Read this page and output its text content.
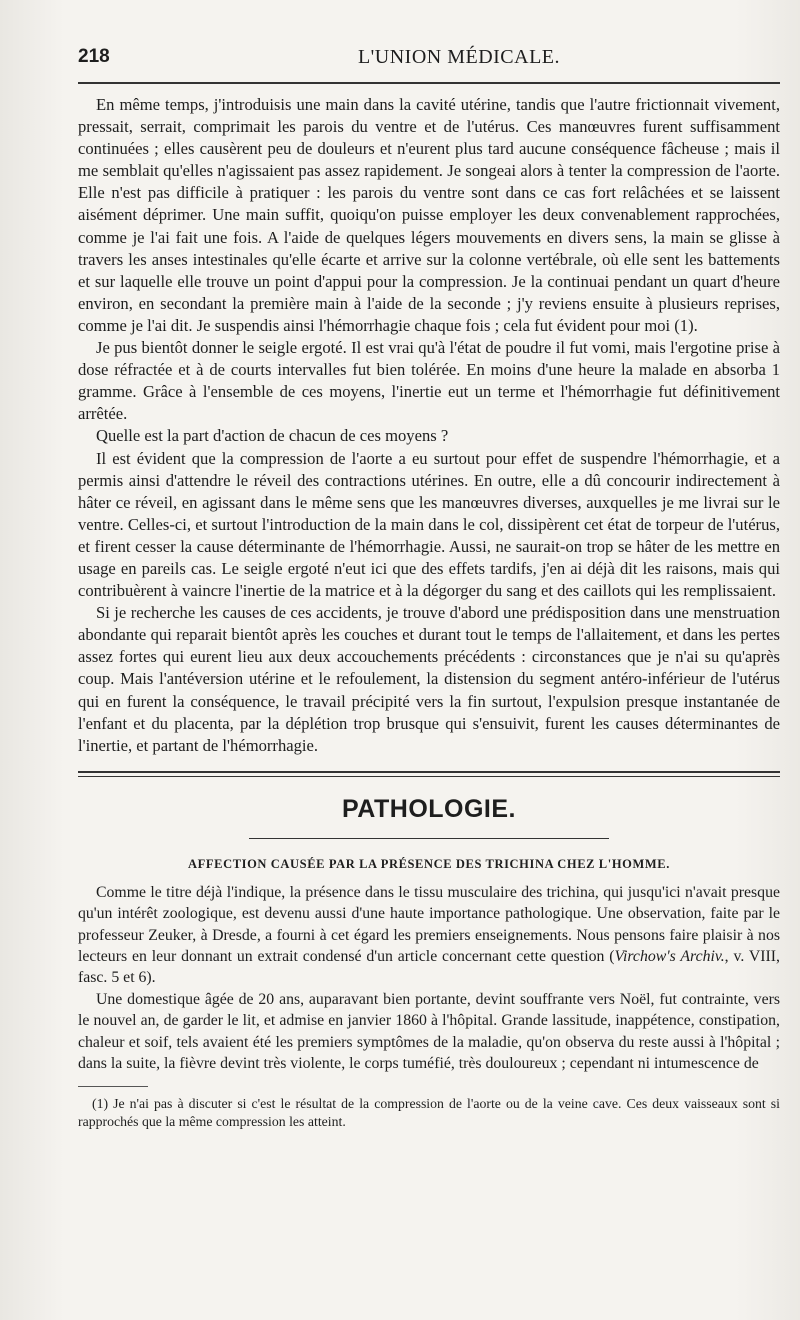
218	L'UNION MÉDICALE.

En même temps, j'introduisis une main dans la cavité utérine, tandis que l'autre frictionnait vivement, pressait, serrait, comprimait les parois du ventre et de l'utérus. Ces manœuvres furent suffisamment continuées ; elles causèrent peu de douleurs et n'eurent plus tard aucune conséquence fâcheuse ; mais il me semblait qu'elles n'agissaient pas assez rapidement. Je songeai alors à tenter la compression de l'aorte. Elle n'est pas difficile à pratiquer : les parois du ventre sont dans ce cas fort relâchées et se laissent aisément déprimer. Une main suffit, quoiqu'on puisse employer les deux convenablement rapprochées, comme je l'ai fait une fois. A l'aide de quelques légers mouvements en divers sens, la main se glisse à travers les anses intestinales qu'elle écarte et arrive sur la colonne vertébrale, où elle sent les battements et sur laquelle elle trouve un point d'appui pour la compression. Je la continuai pendant un quart d'heure environ, en secondant la première main à l'aide de la seconde ; j'y reviens ensuite à plusieurs reprises, comme je l'ai dit. Je suspendis ainsi l'hémorrhagie chaque fois ; cela fut évident pour moi (1).

Je pus bientôt donner le seigle ergoté. Il est vrai qu'à l'état de poudre il fut vomi, mais l'ergotine prise à dose réfractée et à de courts intervalles fut bien tolérée. En moins d'une heure la malade en absorba 1 gramme. Grâce à l'ensemble de ces moyens, l'inertie eut un terme et l'hémorrhagie fut définitivement arrêtée.

Quelle est la part d'action de chacun de ces moyens ?

Il est évident que la compression de l'aorte a eu surtout pour effet de suspendre l'hémorrhagie, et a permis ainsi d'attendre le réveil des contractions utérines. En outre, elle a dû concourir indirectement à hâter ce réveil, en agissant dans le même sens que les manœuvres diverses, auxquelles je me livrai sur le ventre. Celles-ci, et surtout l'introduction de la main dans le col, dissipèrent cet état de torpeur de l'utérus, et firent cesser la cause déterminante de l'hémorrhagie. Aussi, ne saurait-on trop se hâter de les mettre en usage en pareils cas. Le seigle ergoté n'eut ici que des effets tardifs, j'en ai déjà dit les raisons, mais qui contribuèrent à vaincre l'inertie de la matrice et à la dégorger du sang et des caillots qui les remplissaient.

Si je recherche les causes de ces accidents, je trouve d'abord une prédisposition dans une menstruation abondante qui reparait bientôt après les couches et durant tout le temps de l'allaitement, et dans les pertes assez fortes qui eurent lieu aux deux accouchements précédents : circonstances que je n'ai su qu'après coup. Mais l'antéversion utérine et le refoulement, la distension du segment antéro-inférieur de l'utérus qui en furent la conséquence, le travail précipité vers la fin surtout, l'expulsion presque instantanée de l'enfant et du placenta, par la déplétion trop brusque qui s'ensuivit, furent les causes déterminantes de l'inertie, et partant de l'hémorrhagie.

PATHOLOGIE.
AFFECTION CAUSÉE PAR LA PRÉSENCE DES TRICHINA CHEZ L'HOMME.

Comme le titre déjà l'indique, la présence dans le tissu musculaire des trichina, qui jusqu'ici n'avait presque qu'un intérêt zoologique, est devenu aussi d'une haute importance pathologique. Une observation, faite par le professeur Zeuker, à Dresde, a fourni à cet égard les premiers enseignements. Nous pensons faire plaisir à nos lecteurs en leur donnant un extrait condensé d'un article concernant cette question (Virchow's Archiv., v. VIII, fasc. 5 et 6).

Une domestique âgée de 20 ans, auparavant bien portante, devint souffrante vers Noël, fut contrainte, vers le nouvel an, de garder le lit, et admise en janvier 1860 à l'hôpital. Grande lassitude, inappétence, constipation, chaleur et soif, tels avaient été les premiers symptômes de la maladie, qu'on observa du reste aussi à l'hôpital ; dans la suite, la fièvre devint très violente, le corps tuméfié, très douloureux ; cependant ni intumescence de

(1) Je n'ai pas à discuter si c'est le résultat de la compression de l'aorte ou de la veine cave. Ces deux vaisseaux sont si rapprochés que la même compression les atteint.
